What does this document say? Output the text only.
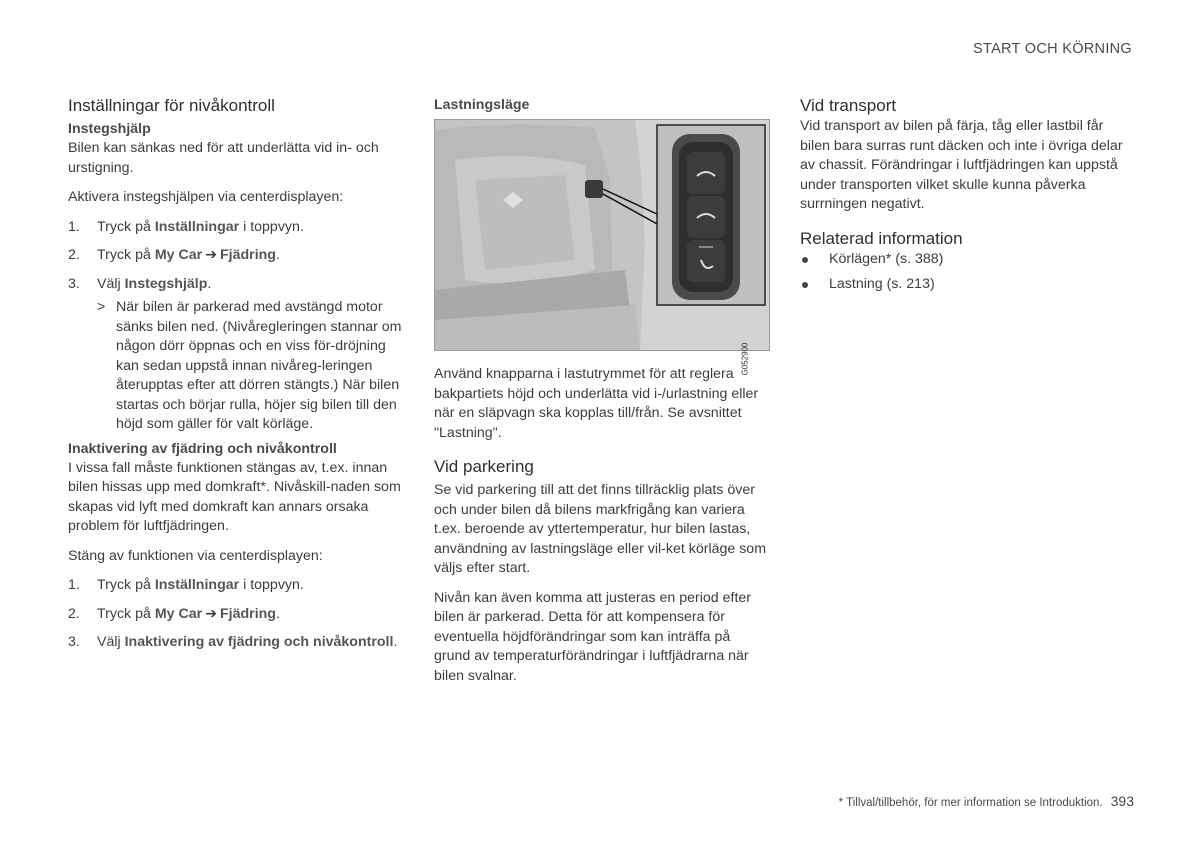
START OCH KÖRNING
Inställningar för nivåkontroll
Instegshjälp

Bilen kan sänkas ned för att underlätta vid in- och urstigning.

Aktivera instegshjälpen via centerdisplayen:

1. Tryck på Inställningar i toppvyn.
2. Tryck på My Car ➔ Fjädring.
3. Välj Instegshjälp.
> När bilen är parkerad med avstängd motor sänks bilen ned. (Nivåregleringen stannar om någon dörr öppnas och en viss för-dröjning kan sedan uppstå innan nivåreg-leringen återupptas efter att dörren stängts.) När bilen startas och börjar rulla, höjer sig bilen till den höjd som gäller för valt körläge.
Inaktivering av fjädring och nivåkontroll

I vissa fall måste funktionen stängas av, t.ex. innan bilen hissas upp med domkraft*. Nivåskill-naden som skapas vid lyft med domkraft kan annars orsaka problem för luftfjädringen.

Stäng av funktionen via centerdisplayen:

1. Tryck på Inställningar i toppvyn.
2. Tryck på My Car ➔ Fjädring.
3. Välj Inaktivering av fjädring och nivåkontroll.
Lastningsläge
G052900

Använd knapparna i lastutrymmet för att reglera bakpartiets höjd och underlätta vid i-/urlastning eller när en släpvagn ska kopplas till/från. Se avsnittet "Lastning".

Vid parkering

Se vid parkering till att det finns tillräcklig plats över och under bilen då bilens markfrigång kan variera t.ex. beroende av yttertemperatur, hur bilen lastas, användning av lastningsläge eller vil-ket körläge som väljs efter start.

Nivån kan även komma att justeras en period efter bilen är parkerad. Detta för att kompensera för eventuella höjdförändringar som kan inträffa på grund av temperaturförändringar i luftfjädrarna när bilen svalnar.

Vid transport

Vid transport av bilen på färja, tåg eller lastbil får bilen bara surras runt däcken och inte i övriga delar av chassit. Förändringar i luftfjädringen kan uppstå under transporten vilket skulle kunna påverka surrningen negativt.

Relaterad information
Körlägen* (s. 388)
Lastning (s. 213)
* Tillval/tillbehör, för mer information se Introduktion. 393
